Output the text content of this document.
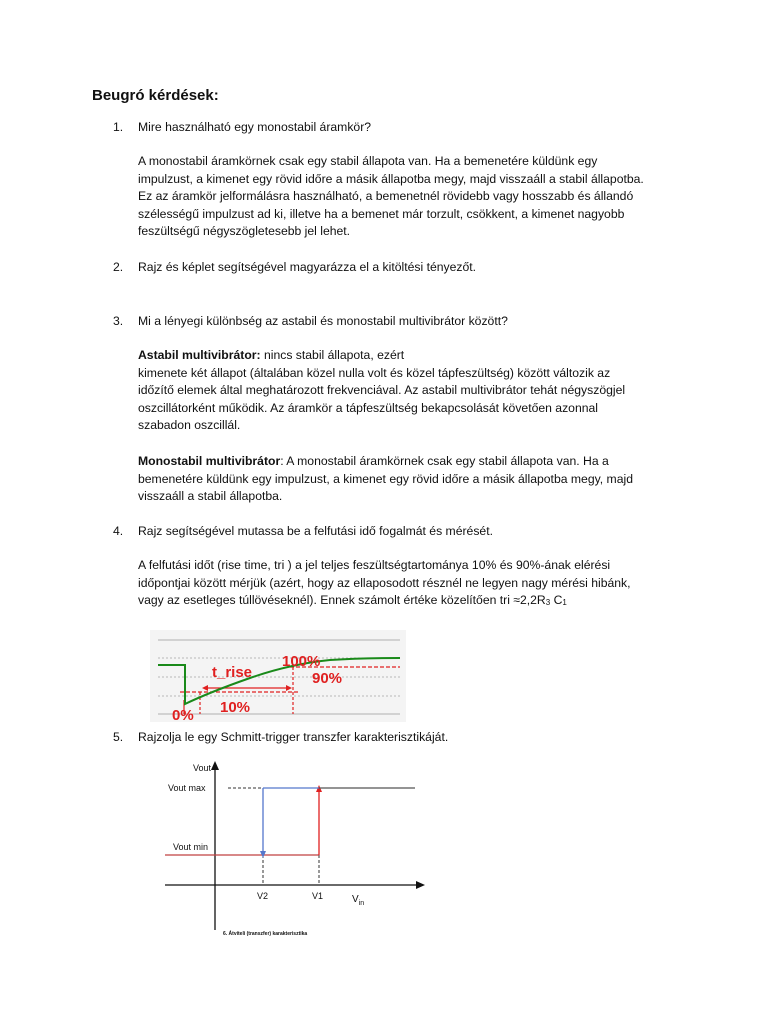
Beugró kérdések:
1.	Mire használható egy monostabil áramkör?
A monostabil áramkörnek csak egy stabil állapota van. Ha a bemenetére küldünk egy
impulzust, a kimenet egy rövid időre a másik állapotba megy, majd visszaáll a stabil állapotba.
Ez az áramkör jelformálásra használható, a bemenetnél rövidebb vagy hosszabb és állandó
szélességű impulzust ad ki, illetve ha a bemenet már torzult, csökkent, a kimenet nagyobb
feszültségű négyszögletesebb jel lehet.
2.	Rajz és képlet segítségével magyarázza el a kitöltési tényezőt.
3.	Mi a lényegi különbség az astabil és monostabil multivibrátor között?
Astabil multivibrátor: nincs stabil állapota, ezért
kimenete két állapot (általában közel nulla volt és közel tápfeszültség) között változik az
időzítő elemek által meghatározott frekvenciával. Az astabil multivibrátor tehát négyszögjel
oszcillátorként működik. Az áramkör a tápfeszültség bekapcsolását követően azonnal
szabadon oszcillál.
Monostabil multivibrátor: A monostabil áramkörnek csak egy stabil állapota van. Ha a
bemenetére küldünk egy impulzust, a kimenet egy rövid időre a másik állapotba megy, majd
visszaáll a stabil állapotba.
4.	Rajz segítségével mutassa be a felfutási idő fogalmát és mérését.
A felfutási időt (rise time, tri ) a jel teljes feszültségtartománya 10% és 90%-ának elérési
időpontjai között mérjük (azért, hogy az ellaposodott résznél ne legyen nagy mérési hibánk,
vagy az esetleges túllövéseknél). Ennek számolt értéke közelítően tri $\approx 2,2R_3$ $C_1$
t_rise
100%
90%
10%
0%
5.	Rajzolja le egy Schmitt-trigger transzfer karakterisztikáját.
Vout
Vout max
Vout min
V2	V1	$V_{in}$
6. Átviteli (transzfer) karakterisztika
